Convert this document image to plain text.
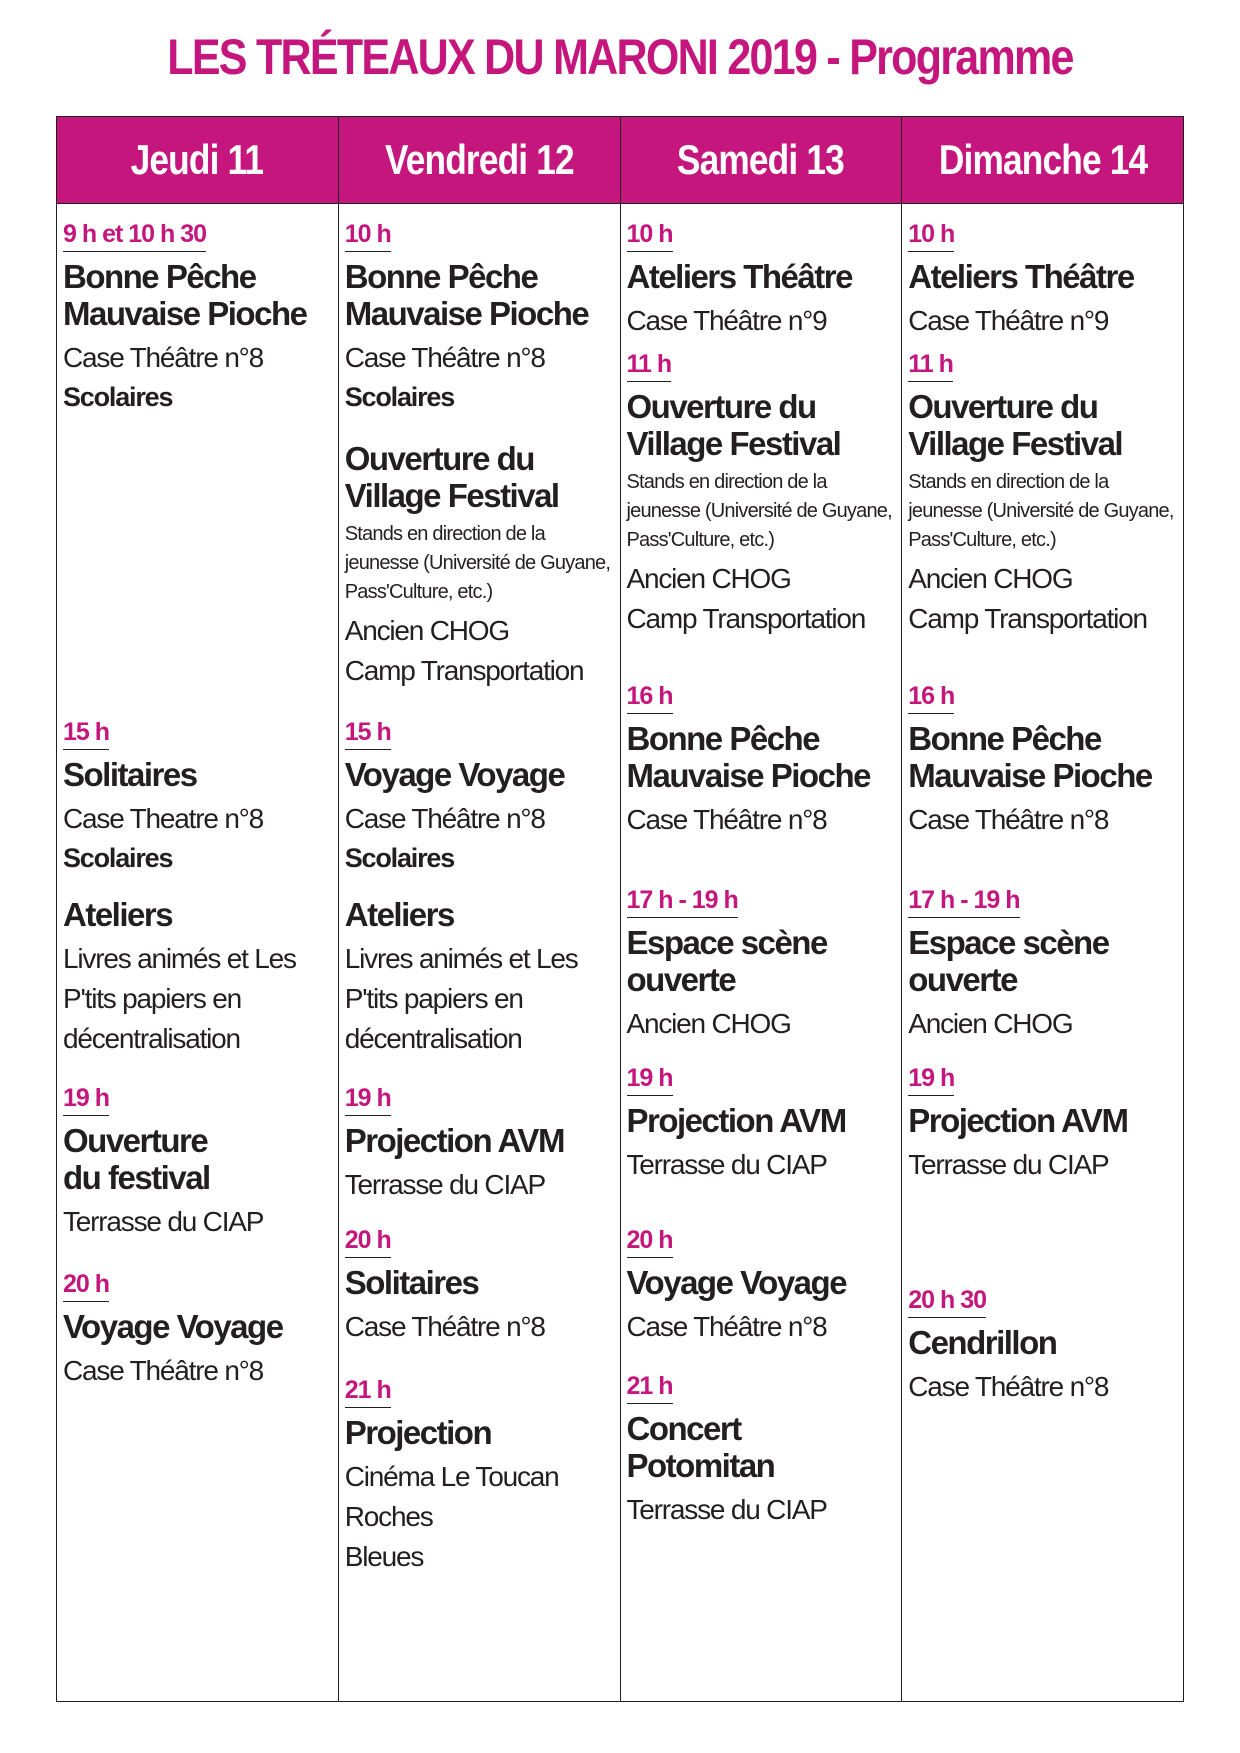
LES TRÉTEAUX DU MARONI 2019 - Programme
Jeudi 11	Vendredi 12 Samedi 13 Dimanche 14
9 h et 10 h 30
Bonne Pêche
Mauvaise Pioche
Case Théâtre n°8
Scolaires
15 h
Solitaires
Case Theatre n°8
Scolaires
Ateliers
Livres animés et Les
P'tits papiers en
décentralisation
19 h
Ouverture
du festival
Terrasse du CIAP
20 h
Voyage Voyage
Case Théâtre n°8
10 h
Bonne Pêche
Mauvaise Pioche
Case Théâtre n°8
Scolaires
Ouverture du
Village Festival
Stands en direction de la
jeunesse (Université de Guyane,
Pass'Culture, etc.)
Ancien CHOG
Camp Transportation
15 h
Voyage Voyage
Case Théâtre n°8
Scolaires
Ateliers
Livres animés et Les
P'tits papiers en
décentralisation
19 h
Projection AVM
Terrasse du CIAP
20 h
Solitaires
Case Théâtre n°8
21 h
Projection
Cinéma Le Toucan Roches
Bleues
10 h
Ateliers Théâtre
Case Théâtre n°9
11 h
Ouverture du
Village Festival
Stands en direction de la
jeunesse (Université de Guyane,
Pass'Culture, etc.)
Ancien CHOG
Camp Transportation
16 h
Bonne Pêche
Mauvaise Pioche
Case Théâtre n°8
17 h - 19 h
Espace scène
ouverte
Ancien CHOG
19 h
Projection AVM
Terrasse du CIAP
20 h
Voyage Voyage
Case Théâtre n°8
21 h
Concert Potomitan
Terrasse du CIAP
10 h
Ateliers Théâtre
Case Théâtre n°9
11 h
Ouverture du
Village Festival
Stands en direction de la
jeunesse (Université de Guyane,
Pass'Culture, etc.)
Ancien CHOG
Camp Transportation
16 h
Bonne Pêche
Mauvaise Pioche
Case Théâtre n°8
17 h - 19 h
Espace scène
ouverte
Ancien CHOG
19 h
Projection AVM
Terrasse du CIAP
20 h 30
Cendrillon
Case Théâtre n°8
